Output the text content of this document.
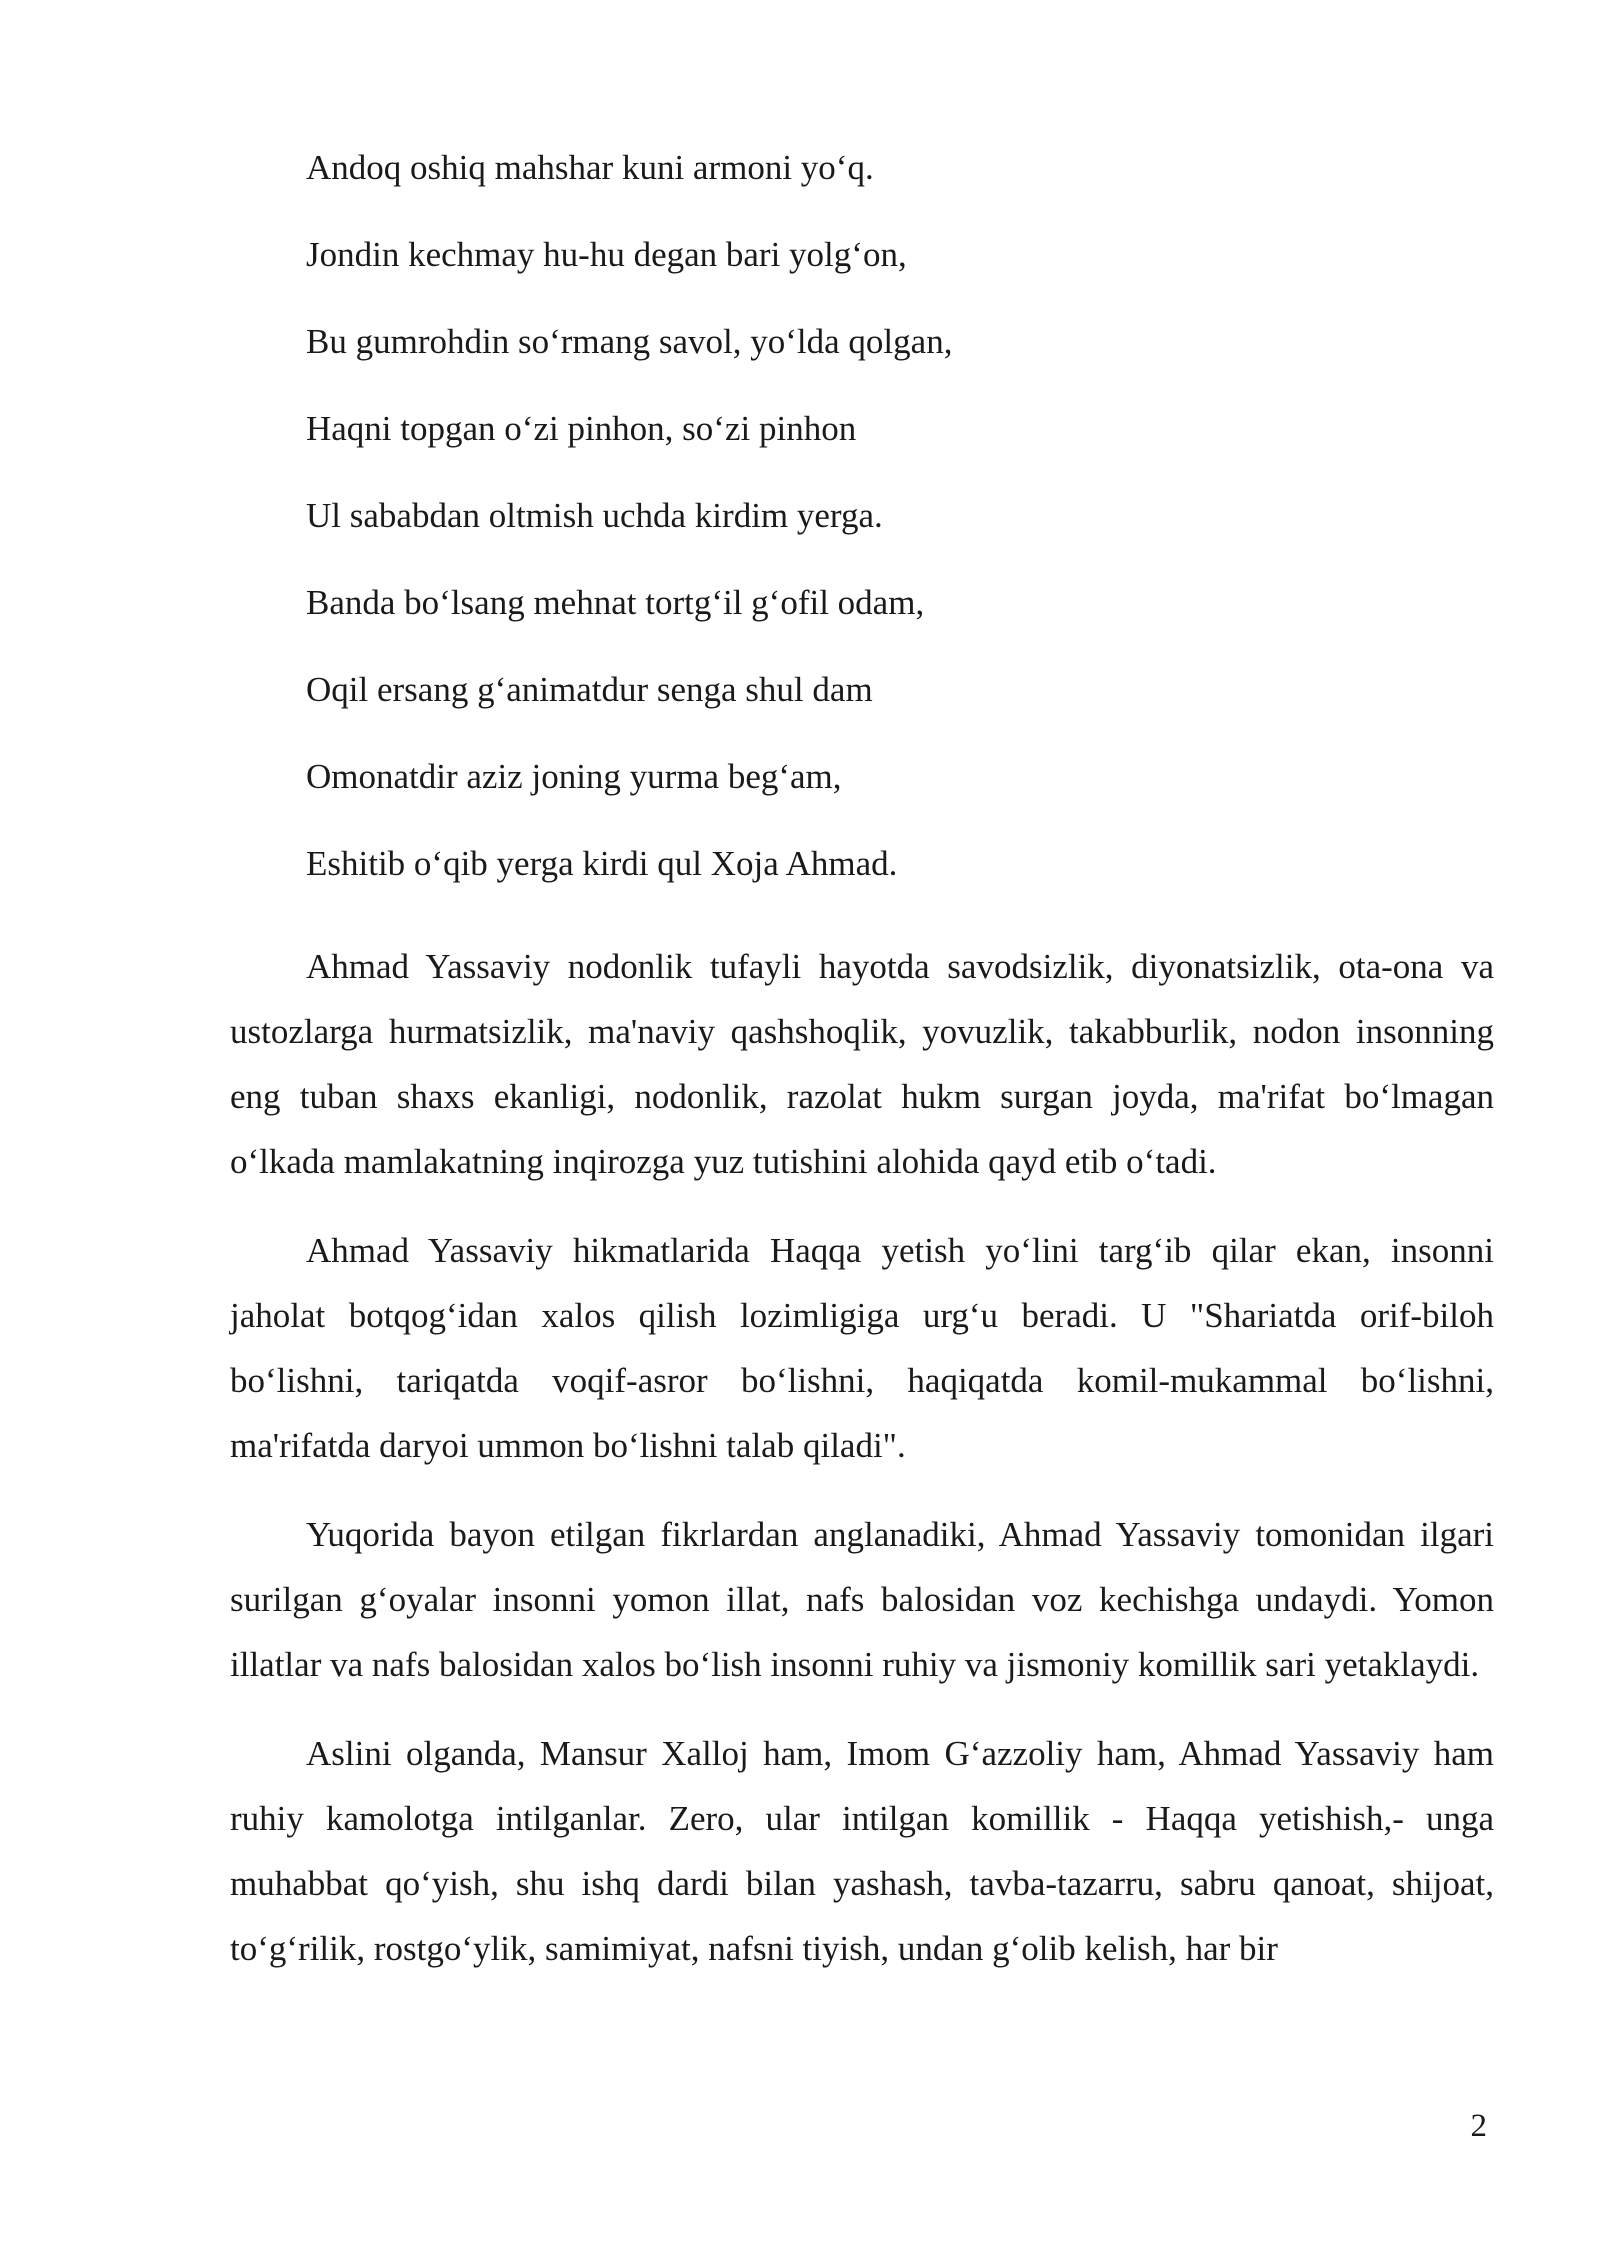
Andoq oshiq mahshar kuni armoni yo‘q.
Jondin kechmay hu-hu degan bari yolg‘on,
Bu gumrohdin so‘rmang savol, yo‘lda qolgan,
Haqni topgan o‘zi pinhon, so‘zi pinhon
Ul sababdan oltmish uchda kirdim yerga.
Banda bo‘lsang mehnat tortg‘il g‘ofil odam,
Oqil ersang g‘animatdur senga shul dam
Omonatdir aziz joning yurma beg‘am,
Eshitib o‘qib yerga kirdi qul Xoja Ahmad.

Ahmad Yassaviy nodonlik tufayli hayotda savodsizlik, diyonatsizlik, ota-ona va ustozlarga hurmatsizlik, ma'naviy qashshoqlik, yovuzlik, takabburlik, nodon insonning eng tuban shaxs ekanligi, nodonlik, razolat hukm surgan joyda, ma'rifat bo‘lmagan o‘lkada mamlakatning inqirozga yuz tutishini alohida qayd etib o‘tadi.

Ahmad Yassaviy hikmatlarida Haqqa yetish yo‘lini targ‘ib qilar ekan, insonni jaholat botqog‘idan xalos qilish lozimligiga urg‘u beradi. U "Shariatda orif-biloh bo‘lishni, tariqatda voqif-asror bo‘lishni, haqiqatda komil-mukammal bo‘lishni, ma'rifatda daryoi ummon bo‘lishni talab qiladi".

Yuqorida bayon etilgan fikrlardan anglanadiki, Ahmad Yassaviy tomonidan ilgari surilgan g‘oyalar insonni yomon illat, nafs balosidan voz kechishga undaydi. Yomon illatlar va nafs balosidan xalos bo‘lish insonni ruhiy va jismoniy komillik sari yetaklaydi.

Aslini olganda, Mansur Xalloj ham, Imom G‘azzoliy ham, Ahmad Yassaviy ham ruhiy kamolotga intilganlar. Zero, ular intilgan komillik - Haqqa yetishish,- unga muhabbat qo‘yish, shu ishq dardi bilan yashash, tavba-tazarru, sabru qanoat, shijoat, to‘g‘rilik, rostgo‘ylik, samimiyat, nafsni tiyish, undan g‘olib kelish, har bir

2
